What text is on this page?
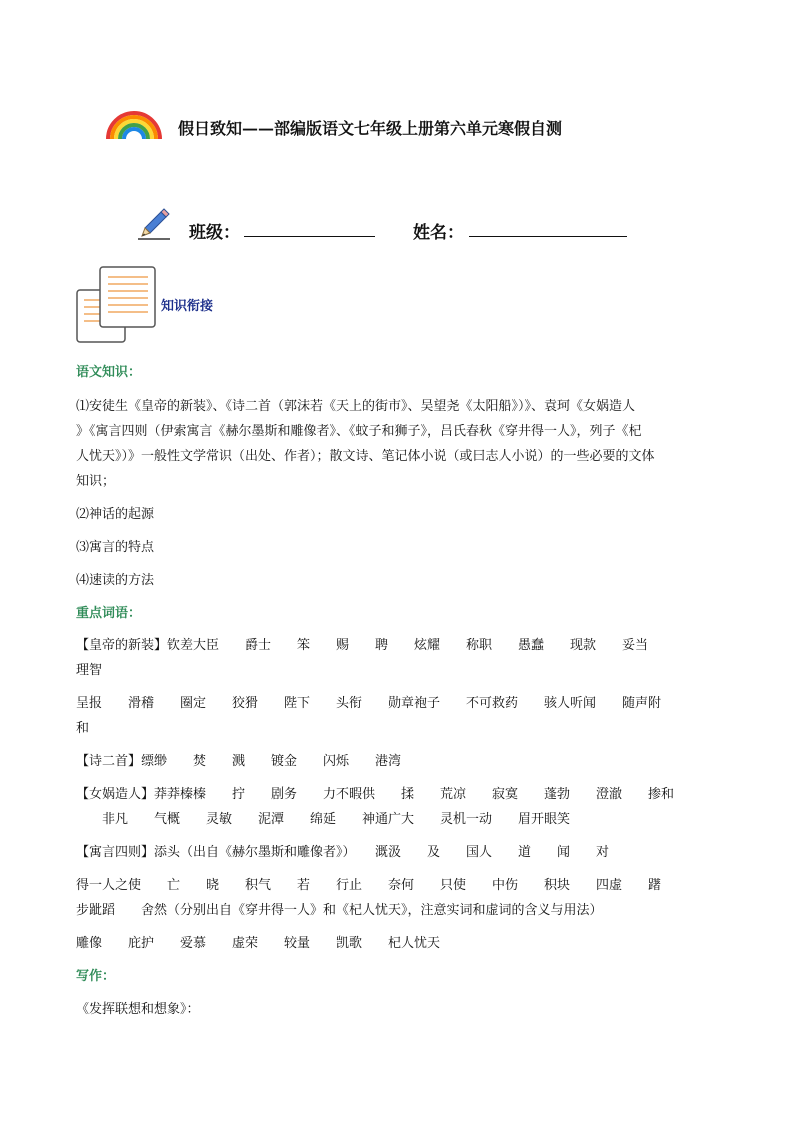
假日致知——部编版语文七年级上册第六单元寒假自测
班级：	姓名：
知识衔接
语文知识：
⑴安徒生《皇帝的新装》、《诗二首（郭沫若《天上的街市》、吴望尧《太阳船》）》、袁珂《女娲造人
》《寓言四则（伊索寓言《赫尔墨斯和雕像者》、《蚊子和狮子》，吕氏春秋《穿井得一人》，列子《杞
人忧天》）》一般性文学常识（出处、作者）；散文诗、笔记体小说（或曰志人小说）的一些必要的文体
知识；
⑵神话的起源
⑶寓言的特点
⑷速读的方法
重点词语：
【皇帝的新装】钦差大臣　　爵士　　笨　　赐　　聘　　炫耀　　称职　　愚蠢　　现款　　妥当
理智
呈报　　滑稽　　圈定　　狡猾　　陛下　　头衔　　勋章袍子　　不可救药　　骇人听闻　　随声附
和
【诗二首】缥缈　　焚　　溅　　镀金　　闪烁　　港湾
【女娲造人】莽莽榛榛　　拧　　剧务　　力不暇供　　揉　　荒凉　　寂寞　　蓬勃　　澄澈　　掺和
　　非凡　　气概　　灵敏　　泥潭　　绵延　　神通广大　　灵机一动　　眉开眼笑
【寓言四则】添头（出自《赫尔墨斯和雕像者》）　　溉汲　　及　　国人　　道　　闻　　对
得一人之使　　亡　　晓　　积气　　若　　行止　　奈何　　只使　　中伤　　积块　　四虚　　躇
步跐蹈　　舍然（分别出自《穿井得一人》和《杞人忧天》，注意实词和虚词的含义与用法）
雕像　　庇护　　爱慕　　虚荣　　较量　　凯歌　　杞人忧天
写作：
《发挥联想和想象》：
